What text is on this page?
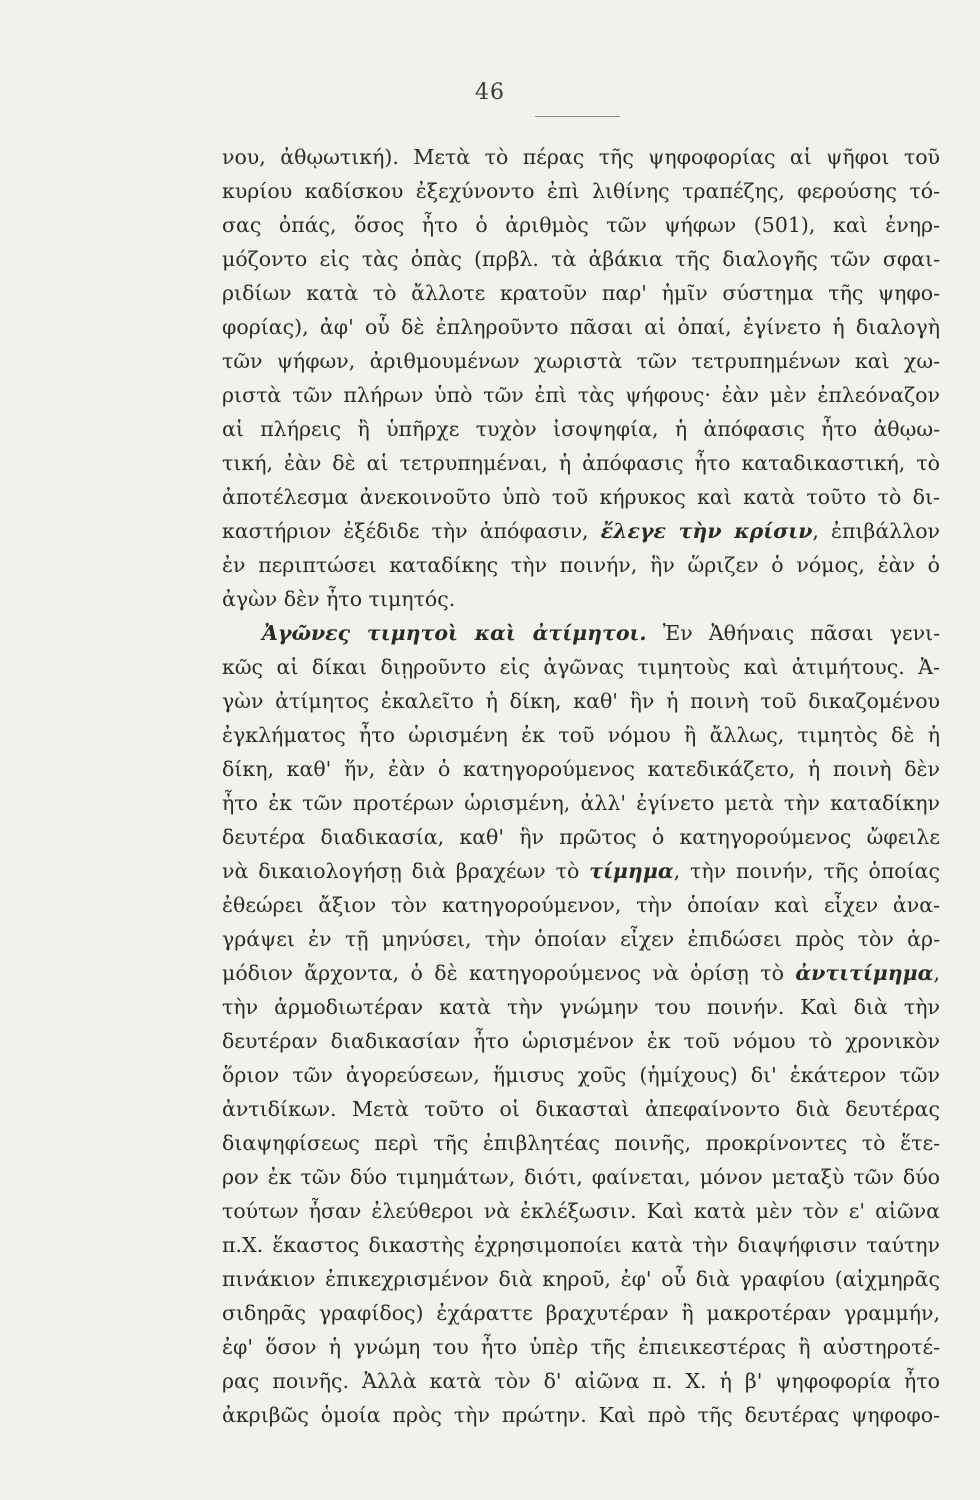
46
νου, ἀθῳωτική). Μετὰ τὸ πέρας τῆς ψηφοφορίας αἱ ψῆφοι τοῦ
κυρίου καδίσκου ἐξεχύνοντο ἐπὶ λιθίνης τραπέζης, φερούσης τό-
σας ὀπάς, ὅσος ἦτο ὁ ἀριθμὸς τῶν ψήφων (501), καὶ ἐνηρ-
μόζοντο εἰς τὰς ὀπὰς (πρβλ. τὰ ἀβάκια τῆς διαλογῆς τῶν σφαι-
ριδίων κατὰ τὸ ἄλλοτε κρατοῦν παρ' ἡμῖν σύστημα τῆς ψηφο-
φορίας), ἀφ' οὗ δὲ ἐπληροῦντο πᾶσαι αἱ ὀπαί, ἐγίνετο ἡ διαλογὴ
τῶν ψήφων, ἀριθμουμένων χωριστὰ τῶν τετρυπημένων καὶ χω-
ριστὰ τῶν πλήρων ὑπὸ τῶν ἐπὶ τὰς ψήφους· ἐὰν μὲν ἐπλεόναζον
αἱ πλήρεις ἢ ὑπῆρχε τυχὸν ἰσοψηφία, ἡ ἀπόφασις ἦτο ἀθῳω-
τική, ἐὰν δὲ αἱ τετρυπημέναι, ἡ ἀπόφασις ἦτο καταδικαστική, τὸ
ἀποτέλεσμα ἀνεκοινοῦτο ὑπὸ τοῦ κήρυκος καὶ κατὰ τοῦτο τὸ δι-
καστήριον ἐξέδιδε τὴν ἀπόφασιν, ἔλεγε τὴν κρίσιν, ἐπιβάλλον
ἐν περιπτώσει καταδίκης τὴν ποινήν, ἣν ὥριζεν ὁ νόμος, ἐὰν ὁ
ἀγὼν δὲν ἦτο τιμητός.
Ἀγῶνες τιμητοὶ καὶ ἀτίμητοι. Ἐν Ἀθήναις πᾶσαι γενι-
κῶς αἱ δίκαι διῃροῦντο εἰς ἀγῶνας τιμητοὺς καὶ ἀτιμήτους. Ἀ-
γὼν ἀτίμητος ἐκαλεῖτο ἡ δίκη, καθ' ἣν ἡ ποινὴ τοῦ δικαζομένου
ἐγκλήματος ἦτο ὡρισμένη ἐκ τοῦ νόμου ἢ ἄλλως, τιμητὸς δὲ ἡ
δίκη, καθ' ἥν, ἐὰν ὁ κατηγορούμενος κατεδικάζετο, ἡ ποινὴ δὲν
ἦτο ἐκ τῶν προτέρων ὡρισμένη, ἀλλ' ἐγίνετο μετὰ τὴν καταδίκην
δευτέρα διαδικασία, καθ' ἣν πρῶτος ὁ κατηγορούμενος ὤφειλε
νὰ δικαιολογήσῃ διὰ βραχέων τὸ τίμημα, τὴν ποινήν, τῆς ὁποίας
ἐθεώρει ἄξιον τὸν κατηγορούμενον, τὴν ὁποίαν καὶ εἶχεν ἀνα-
γράψει ἐν τῇ μηνύσει, τὴν ὁποίαν εἶχεν ἐπιδώσει πρὸς τὸν ἁρ-
μόδιον ἄρχοντα, ὁ δὲ κατηγορούμενος νὰ ὁρίσῃ τὸ ἀντιτίμημα,
τὴν ἁρμοδιωτέραν κατὰ τὴν γνώμην του ποινήν. Καὶ διὰ τὴν
δευτέραν διαδικασίαν ἦτο ὡρισμένον ἐκ τοῦ νόμου τὸ χρονικὸν
ὅριον τῶν ἀγορεύσεων, ἥμισυς χοῦς (ἡμίχους) δι' ἑκάτερον τῶν
ἀντιδίκων. Μετὰ τοῦτο οἱ δικασταὶ ἀπεφαίνοντο διὰ δευτέρας
διαψηφίσεως περὶ τῆς ἐπιβλητέας ποινῆς, προκρίνοντες τὸ ἕτε-
ρον ἐκ τῶν δύο τιμημάτων, διότι, φαίνεται, μόνον μεταξὺ τῶν δύο
τούτων ἦσαν ἐλεύθεροι νὰ ἐκλέξωσιν. Καὶ κατὰ μὲν τὸν ε' αἰῶνα
π.Χ. ἕκαστος δικαστὴς ἐχρησιμοποίει κατὰ τὴν διαψήφισιν ταύτην
πινάκιον ἐπικεχρισμένον διὰ κηροῦ, ἐφ' οὗ διὰ γραφίου (αἰχμηρᾶς
σιδηρᾶς γραφίδος) ἐχάραττε βραχυτέραν ἢ μακροτέραν γραμμήν,
ἐφ' ὅσον ἡ γνώμη του ἦτο ὑπὲρ τῆς ἐπιεικεστέρας ἢ αὐστηροτέ-
ρας ποινῆς. Ἀλλὰ κατὰ τὸν δ' αἰῶνα π. Χ. ἡ β' ψηφοφορία ἦτο
ἀκριβῶς ὁμοία πρὸς τὴν πρώτην. Καὶ πρὸ τῆς δευτέρας ψηφοφο-
